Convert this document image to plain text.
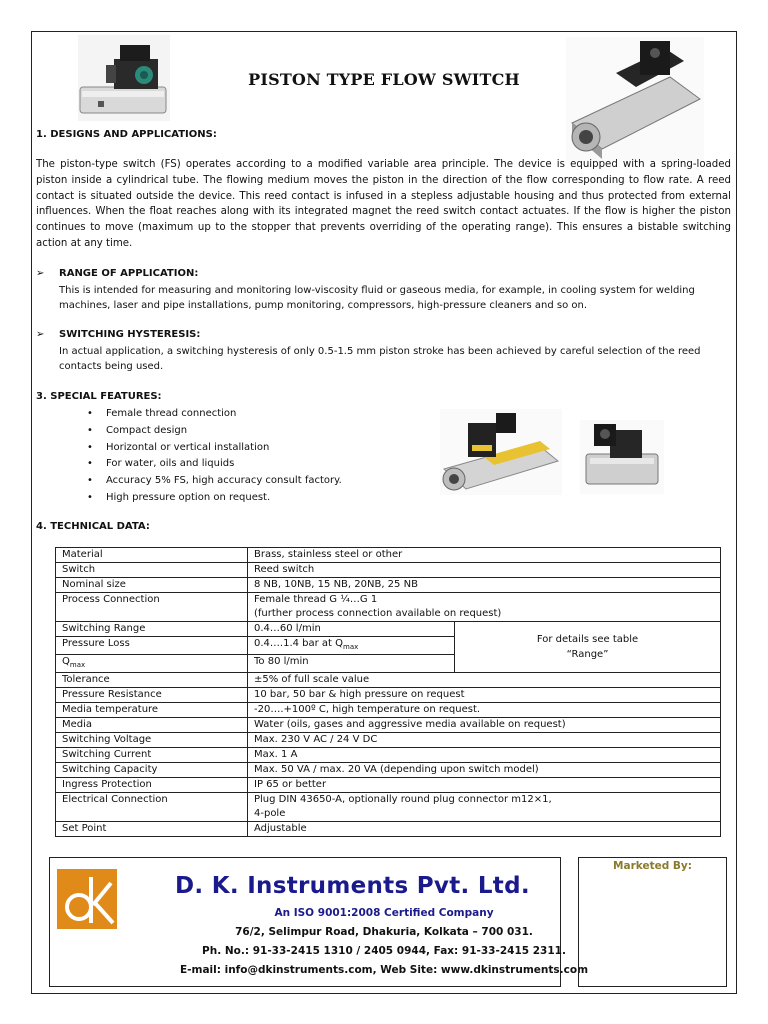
PISTON TYPE FLOW SWITCH
1. DESIGNS AND APPLICATIONS:
The piston-type switch (FS) operates according to a modified variable area principle. The device is equipped with a spring-loaded piston inside a cylindrical tube. The flowing medium moves the piston in the direction of the flow corresponding to flow rate. A reed contact is situated outside the device. This reed contact is infused in a stepless adjustable housing and thus protected from external influences. When the float reaches along with its integrated magnet the reed switch contact actuates. If the flow is higher the piston continues to move (maximum up to the stopper that prevents overriding of the operating range). This ensures a bistable switching action at any time.
➢ RANGE OF APPLICATION:
This is intended for measuring and monitoring low-viscosity fluid or gaseous media, for example, in cooling system for welding machines, laser and pipe installations, pump monitoring, compressors, high-pressure cleaners and so on.
➢ SWITCHING HYSTERESIS:
In actual application, a switching hysteresis of only 0.5-1.5 mm piston stroke has been achieved by careful selection of the reed contacts being used.
3. SPECIAL FEATURES:
• Female thread connection
• Compact design
• Horizontal or vertical installation
• For water, oils and liquids
• Accuracy 5% FS, high accuracy consult factory.
• High pressure option on request.
4. TECHNICAL DATA:
Material	Brass, stainless steel or other	
Switch	Reed switch	
Nominal size	8 NB, 10NB, 15 NB, 20NB, 25 NB	
Process Connection	Female thread G ¼…G 1
(further process connection available on request)	

Switching Range	0.4…60 l/min	For details see table
“Range”

Pressure Loss	0.4….1.4 bar at $Q_{max}$
$Q_{max}$	To 80 l/min	
Tolerance	±5% of full scale value	
Pressure Resistance	10 bar, 50 bar & high pressure on request	
Media temperature	-20….+100º C, high temperature on request.	
Media	Water (oils, gases and aggressive media available on request)	
Switching Voltage	Max. 230 V AC / 24 V DC	
Switching Current	Max. 1 A	
Switching Capacity	Max. 50 VA / max. 20 VA (depending upon switch model)	
Ingress Protection	IP 65 or better	
Electrical Connection	Plug DIN 43650-A, optionally round plug connector m12×1,
4-pole	

Set Point	Adjustable	
D. K. Instruments Pvt. Ltd.
An ISO 9001:2008 Certified Company
76/2, Selimpur Road, Dhakuria, Kolkata – 700 031.
Ph. No.: 91-33-2415 1310 / 2405 0944, Fax: 91-33-2415 2311.
E-mail: info@dkinstruments.com, Web Site: www.dkinstruments.com
Marketed By:
